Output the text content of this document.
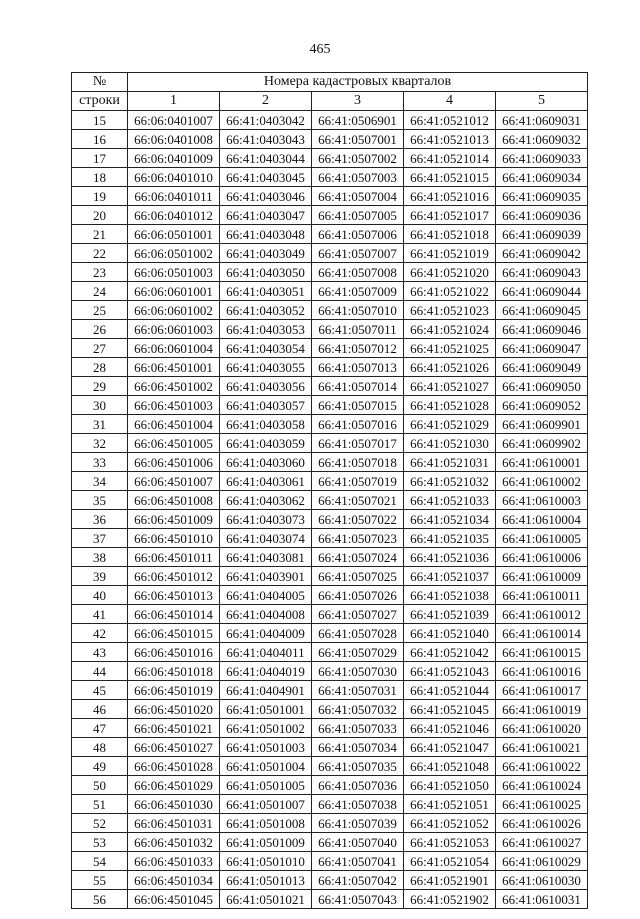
465
№	Номера кадастровых кварталов				
строки	1	2	3	4	5
15	66:06:0401007	66:41:0403042	66:41:0506901	66:41:0521012	66:41:0609031
16	66:06:0401008	66:41:0403043	66:41:0507001	66:41:0521013	66:41:0609032
17	66:06:0401009	66:41:0403044	66:41:0507002	66:41:0521014	66:41:0609033
18	66:06:0401010	66:41:0403045	66:41:0507003	66:41:0521015	66:41:0609034
19	66:06:0401011	66:41:0403046	66:41:0507004	66:41:0521016	66:41:0609035
20	66:06:0401012	66:41:0403047	66:41:0507005	66:41:0521017	66:41:0609036
21	66:06:0501001	66:41:0403048	66:41:0507006	66:41:0521018	66:41:0609039
22	66:06:0501002	66:41:0403049	66:41:0507007	66:41:0521019	66:41:0609042
23	66:06:0501003	66:41:0403050	66:41:0507008	66:41:0521020	66:41:0609043
24	66:06:0601001	66:41:0403051	66:41:0507009	66:41:0521022	66:41:0609044
25	66:06:0601002	66:41:0403052	66:41:0507010	66:41:0521023	66:41:0609045
26	66:06:0601003	66:41:0403053	66:41:0507011	66:41:0521024	66:41:0609046
27	66:06:0601004	66:41:0403054	66:41:0507012	66:41:0521025	66:41:0609047
28	66:06:4501001	66:41:0403055	66:41:0507013	66:41:0521026	66:41:0609049
29	66:06:4501002	66:41:0403056	66:41:0507014	66:41:0521027	66:41:0609050
30	66:06:4501003	66:41:0403057	66:41:0507015	66:41:0521028	66:41:0609052
31	66:06:4501004	66:41:0403058	66:41:0507016	66:41:0521029	66:41:0609901
32	66:06:4501005	66:41:0403059	66:41:0507017	66:41:0521030	66:41:0609902
33	66:06:4501006	66:41:0403060	66:41:0507018	66:41:0521031	66:41:0610001
34	66:06:4501007	66:41:0403061	66:41:0507019	66:41:0521032	66:41:0610002
35	66:06:4501008	66:41:0403062	66:41:0507021	66:41:0521033	66:41:0610003
36	66:06:4501009	66:41:0403073	66:41:0507022	66:41:0521034	66:41:0610004
37	66:06:4501010	66:41:0403074	66:41:0507023	66:41:0521035	66:41:0610005
38	66:06:4501011	66:41:0403081	66:41:0507024	66:41:0521036	66:41:0610006
39	66:06:4501012	66:41:0403901	66:41:0507025	66:41:0521037	66:41:0610009
40	66:06:4501013	66:41:0404005	66:41:0507026	66:41:0521038	66:41:0610011
41	66:06:4501014	66:41:0404008	66:41:0507027	66:41:0521039	66:41:0610012
42	66:06:4501015	66:41:0404009	66:41:0507028	66:41:0521040	66:41:0610014
43	66:06:4501016	66:41:0404011	66:41:0507029	66:41:0521042	66:41:0610015
44	66:06:4501018	66:41:0404019	66:41:0507030	66:41:0521043	66:41:0610016
45	66:06:4501019	66:41:0404901	66:41:0507031	66:41:0521044	66:41:0610017
46	66:06:4501020	66:41:0501001	66:41:0507032	66:41:0521045	66:41:0610019
47	66:06:4501021	66:41:0501002	66:41:0507033	66:41:0521046	66:41:0610020
48	66:06:4501027	66:41:0501003	66:41:0507034	66:41:0521047	66:41:0610021
49	66:06:4501028	66:41:0501004	66:41:0507035	66:41:0521048	66:41:0610022
50	66:06:4501029	66:41:0501005	66:41:0507036	66:41:0521050	66:41:0610024
51	66:06:4501030	66:41:0501007	66:41:0507038	66:41:0521051	66:41:0610025
52	66:06:4501031	66:41:0501008	66:41:0507039	66:41:0521052	66:41:0610026
53	66:06:4501032	66:41:0501009	66:41:0507040	66:41:0521053	66:41:0610027
54	66:06:4501033	66:41:0501010	66:41:0507041	66:41:0521054	66:41:0610029
55	66:06:4501034	66:41:0501013	66:41:0507042	66:41:0521901	66:41:0610030
56	66:06:4501045	66:41:0501021	66:41:0507043	66:41:0521902	66:41:0610031
